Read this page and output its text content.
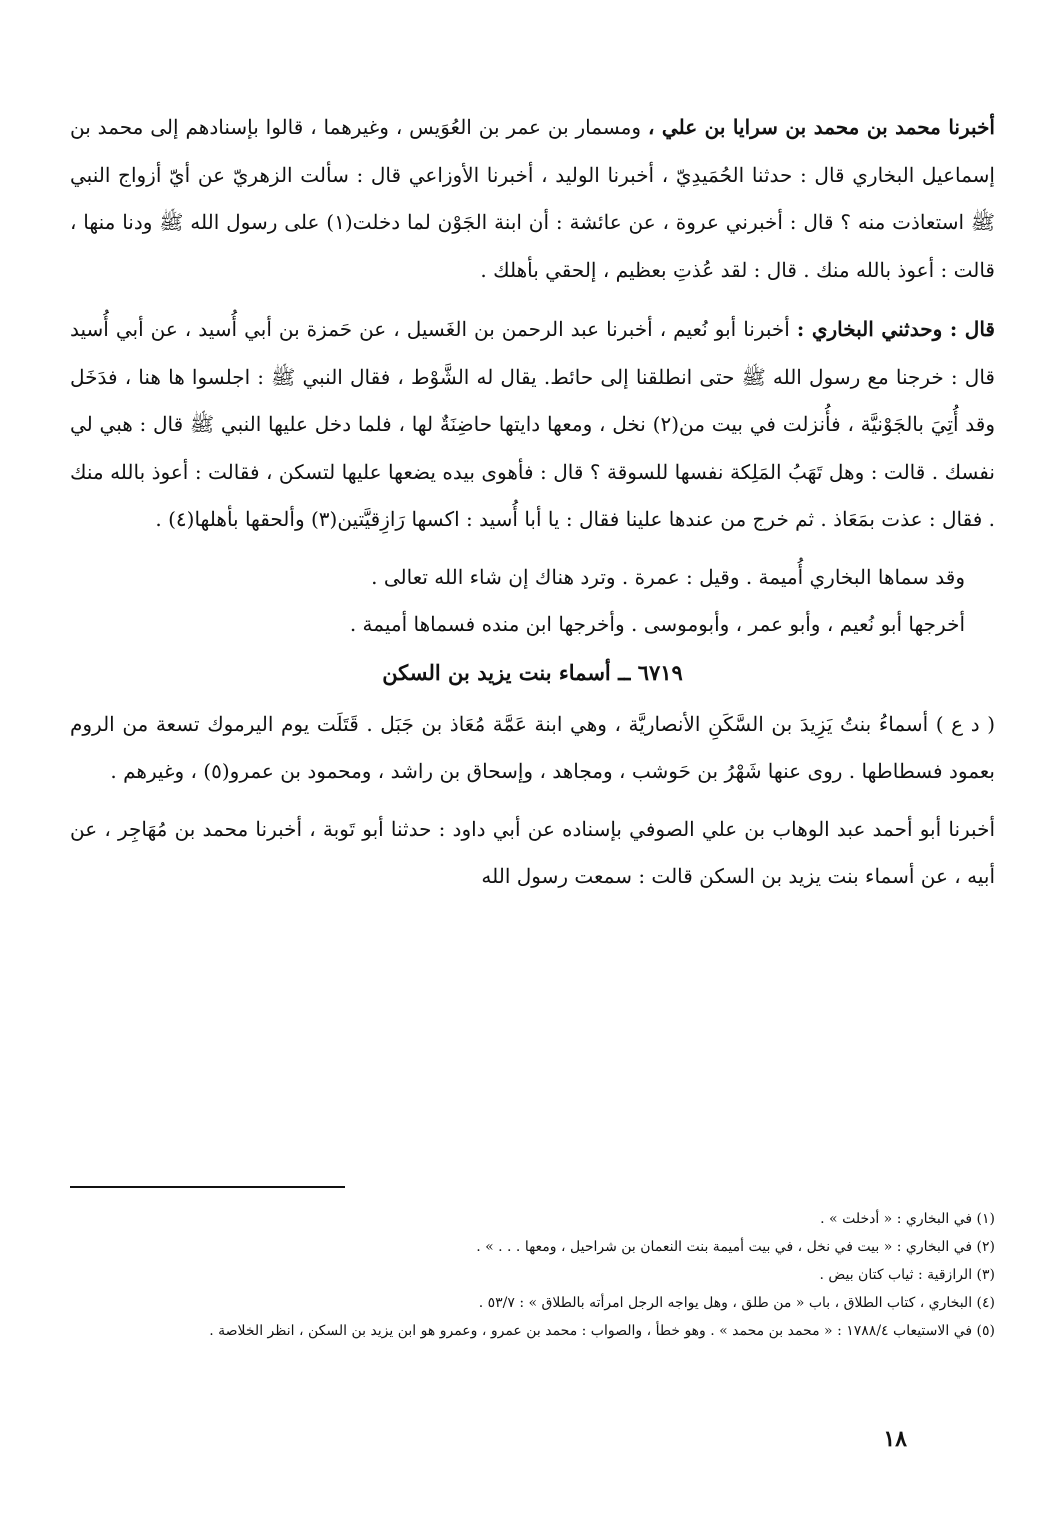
أخبرنا محمد بن محمد بن سرايا بن علي ، ومسمار بن عمر بن العُوَيس ، وغيرهما ، قالوا بإسنادهم إلى محمد بن إسماعيل البخاري قال : حدثنا الحُمَيدِيّ ، أخبرنا الوليد ، أخبرنا الأوزاعي قال : سألت الزهريّ عن أيّ أزواج النبي ﷺ استعاذت منه ؟ قال : أخبرني عروة ، عن عائشة : أن ابنة الجَوْن لما دخلت(١) على رسول الله ﷺ ودنا منها ، قالت : أعوذ بالله منك . قال : لقد عُذتِ بعظيم ، إلحقي بأهلك .

قال : وحدثني البخاري : أخبرنا أبو نُعيم ، أخبرنا عبد الرحمن بن الغَسيل ، عن حَمزة بن أبي أُسيد ، عن أبي أُسيد قال : خرجنا مع رسول الله ﷺ حتى انطلقنا إلى حائط. يقال له الشَّوْط ، فقال النبي ﷺ : اجلسوا ها هنا ، فدَخَل وقد أُتِيَ بالجَوْنيَّة ، فأُنزلت في بيت من(٢) نخل ، ومعها دايتها حاضِنَةٌ لها ، فلما دخل عليها النبي ﷺ قال : هبي لي نفسك . قالت : وهل تَهَبُ المَلِكة نفسها للسوقة ؟ قال : فأهوى بيده يضعها عليها لتسكن ، فقالت : أعوذ بالله منك . فقال : عذت بمَعَاذ . ثم خرج من عندها علينا فقال : يا أبا أُسيد : اكسها رَازِقيَّتين(٣) وألحقها بأهلها(٤) .

وقد سماها البخاري أُميمة . وقيل : عمرة . وترد هناك إن شاء الله تعالى .

أخرجها أبو نُعيم ، وأبو عمر ، وأبوموسى . وأخرجها ابن منده فسماها أميمة .

٦٧١٩ ــ أسماء بنت يزيد بن السكن

( د ع ) أسماءُ بنتُ يَزِيدَ بن السَّكَنِ الأنصاريَّة ، وهي ابنة عَمَّة مُعَاذ بن جَبَل . قَتَلَت يوم اليرموك تسعة من الروم بعمود فسطاطها . روى عنها شَهْرُ بن حَوشب ، ومجاهد ، وإسحاق بن راشد ، ومحمود بن عمرو(٥) ، وغيرهم .

أخبرنا أبو أحمد عبد الوهاب بن علي الصوفي بإسناده عن أبي داود : حدثنا أبو تَوبة ، أخبرنا محمد بن مُهَاجِر ، عن أبيه ، عن أسماء بنت يزيد بن السكن قالت : سمعت رسول الله

(١) في البخاري : « أدخلت » .

(٢) في البخاري : « بيت في نخل ، في بيت أميمة بنت النعمان بن شراحيل ، ومعها . . . » .

(٣) الرازقية : ثياب كتان بيض .

(٤) البخاري ، كتاب الطلاق ، باب « من طلق ، وهل يواجه الرجل امرأته بالطلاق » : ٥٣/٧ .

(٥) في الاستيعاب ١٧٨٨/٤ : « محمد بن محمد » . وهو خطأ ، والصواب : محمد بن عمرو ، وعمرو هو ابن يزيد بن السكن ، انظر الخلاصة .

١٨
